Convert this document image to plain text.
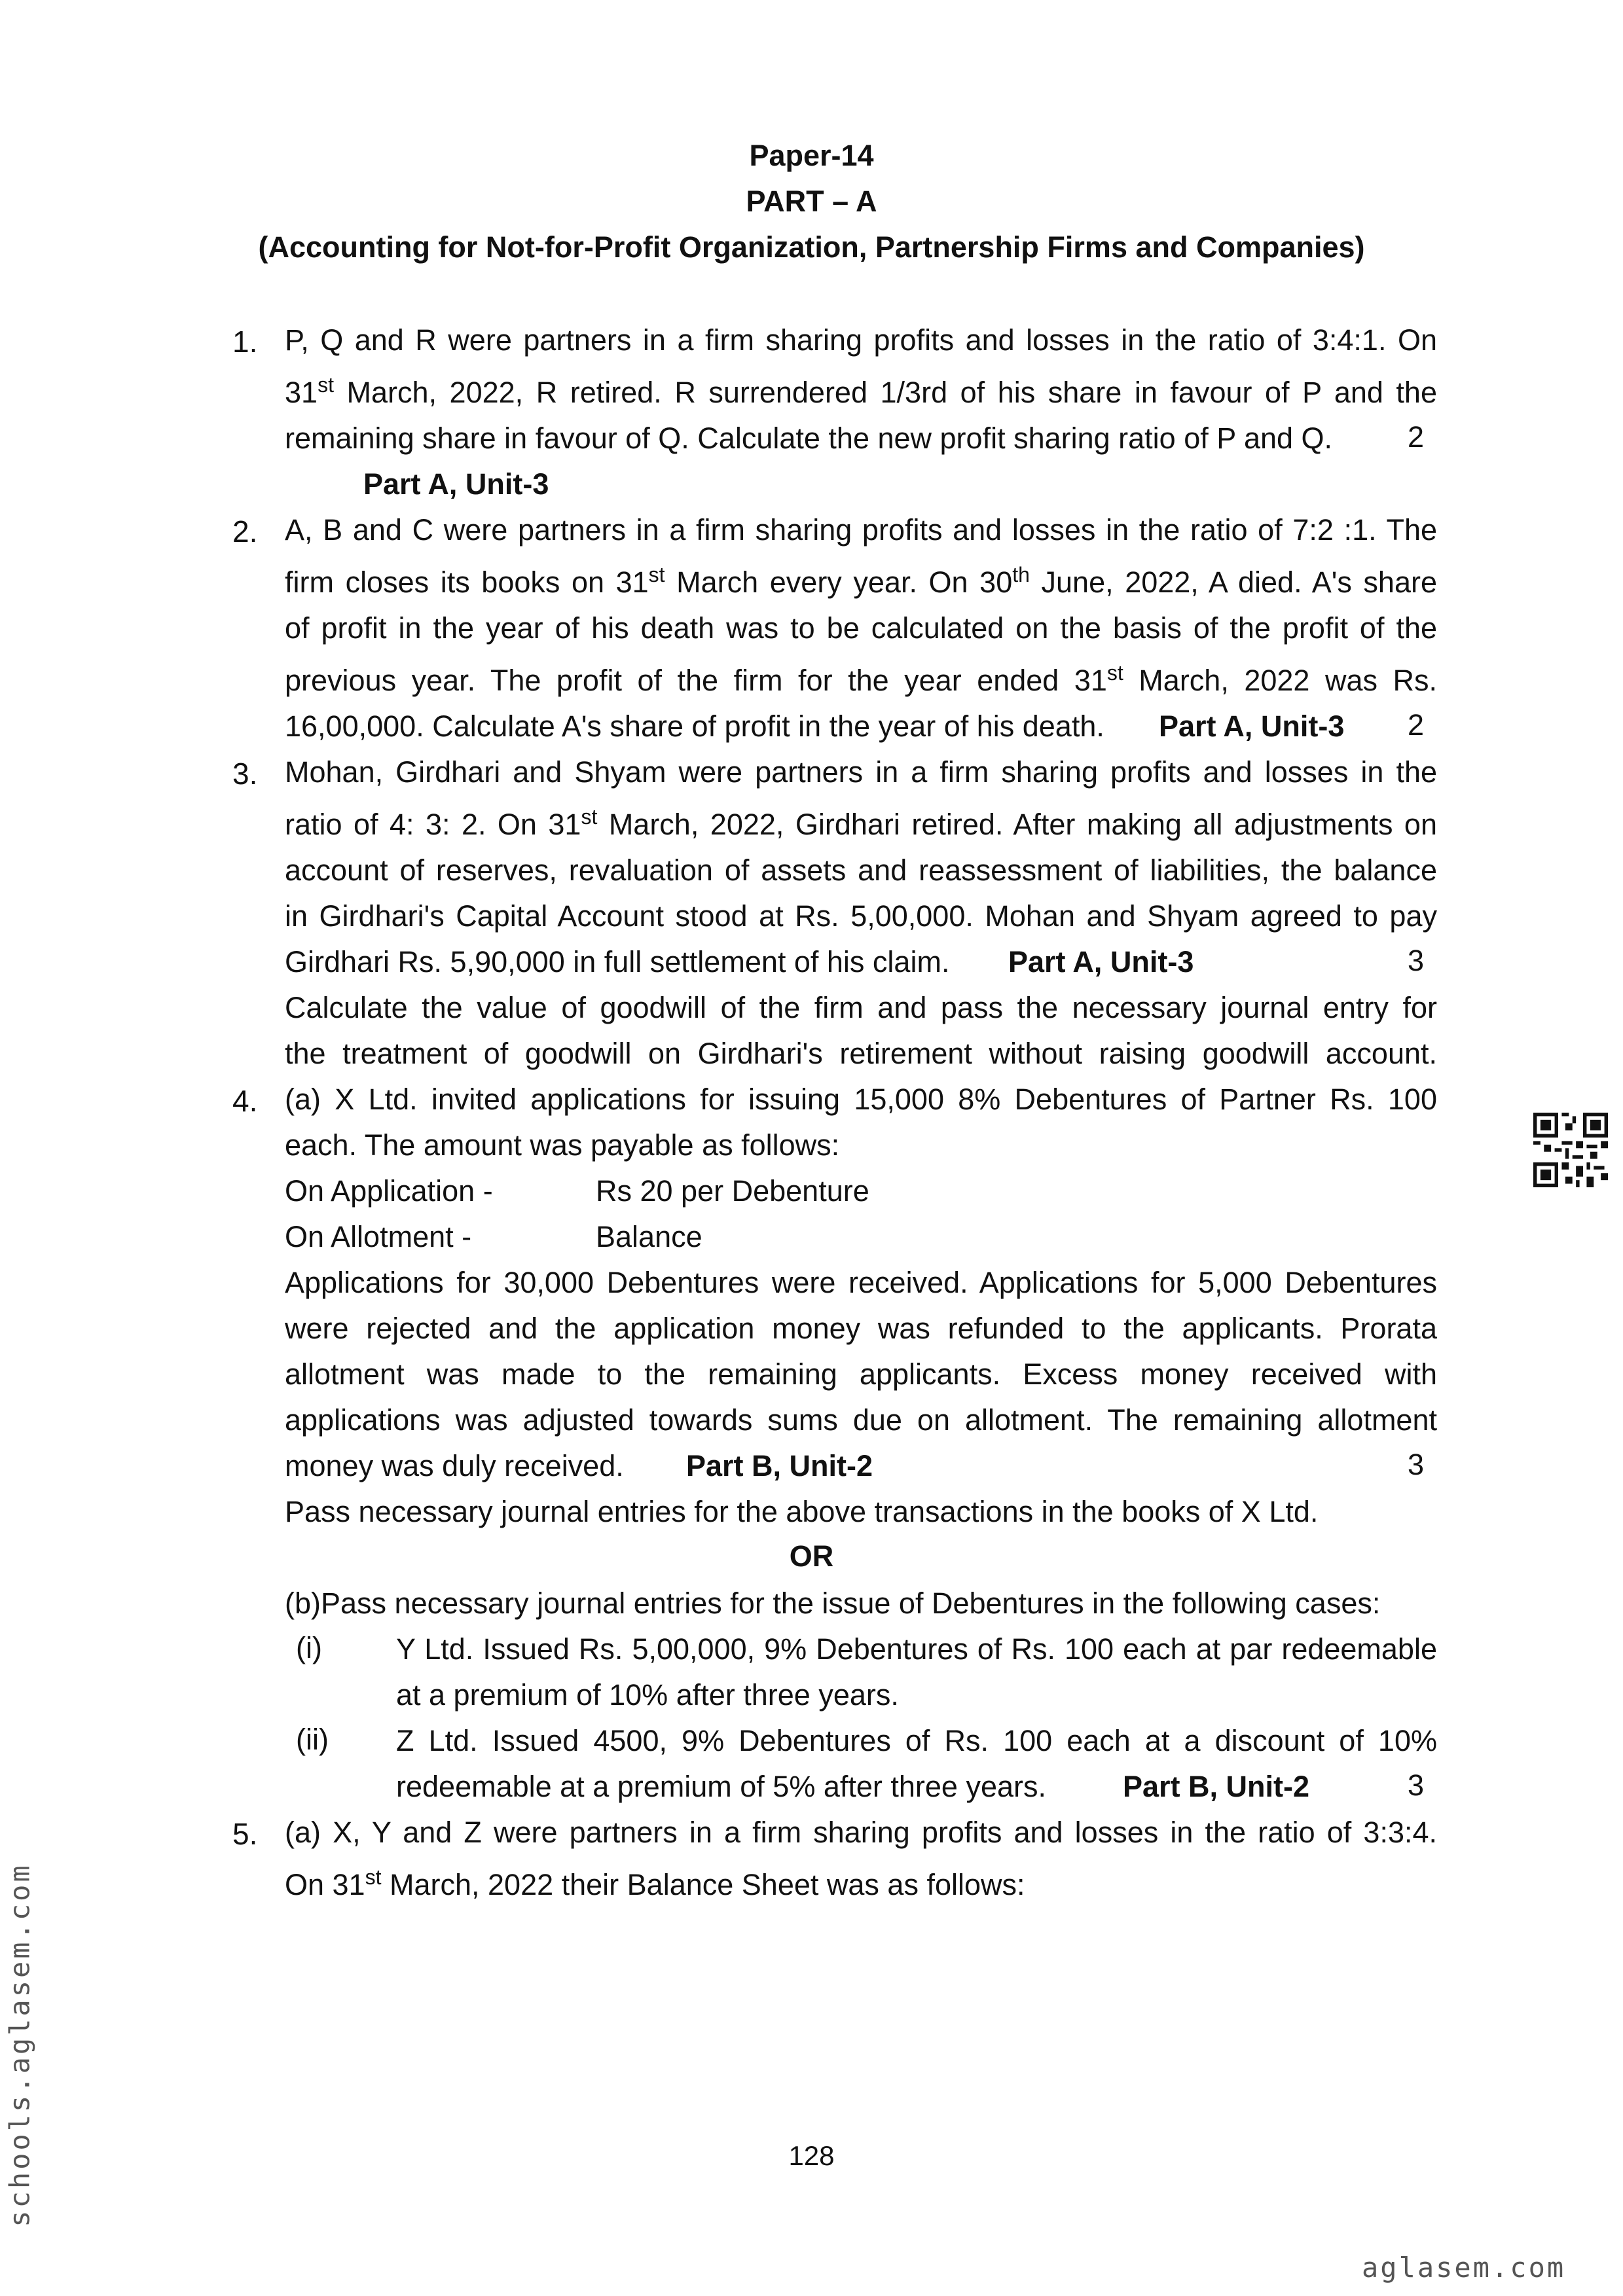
Paper-14
PART – A
(Accounting for Not-for-Profit Organization, Partnership Firms and Companies)
1. P, Q and R were partners in a firm sharing profits and losses in the ratio of 3:4:1. On
31st March, 2022, R retired. R surrendered 1/3rd of his share in favour of P and the
remaining share in favour of Q. Calculate the new profit sharing ratio of P and Q.	2
Part A, Unit-3
2. A, B and C were partners in a firm sharing profits and losses in the ratio of 7:2 :1. The
firm closes its books on 31st March every year. On 30th June, 2022, A died. A's share
of profit in the year of his death was to be calculated on the basis of the profit of the
previous year. The profit of the firm for the year ended 31st March, 2022 was Rs.
16,00,000. Calculate A's share of profit in the year of his death. Part A, Unit-3 2
3. Mohan, Girdhari and Shyam were partners in a firm sharing profits and losses in the
ratio of 4: 3: 2. On 31st March, 2022, Girdhari retired. After making all adjustments on
account of reserves, revaluation of assets and reassessment of liabilities, the balance
in Girdhari's Capital Account stood at Rs. 5,00,000. Mohan and Shyam agreed to pay
Girdhari Rs. 5,90,000 in full settlement of his claim. Part A, Unit-3	3
Calculate the value of goodwill of the firm and pass the necessary journal entry for
the treatment of goodwill on Girdhari's retirement without raising goodwill account.
4. (a) X Ltd. invited applications for issuing 15,000 8% Debentures of Partner Rs. 100
each. The amount was payable as follows:
On Application -	Rs 20 per Debenture
On Allotment -	Balance
Applications for 30,000 Debentures were received. Applications for 5,000 Debentures
were rejected and the application money was refunded to the applicants. Prorata
allotment was made to the remaining applicants. Excess money received with
applications was adjusted towards sums due on allotment. The remaining allotment
money was duly received. Part B, Unit-2	3
Pass necessary journal entries for the above transactions in the books of X Ltd.
OR
(b)Pass necessary journal entries for the issue of Debentures in the following cases:
(i)	Y Ltd. Issued Rs. 5,00,000, 9% Debentures of Rs. 100 each at par redeemable
at a premium of 10% after three years.
(ii) Z Ltd. Issued 4500, 9% Debentures of Rs. 100 each at a discount of 10%
redeemable at a premium of 5% after three years.	Part B, Unit-2	3
5. (a) X, Y and Z were partners in a firm sharing profits and losses in the ratio of 3:3:4.
On 31st March, 2022 their Balance Sheet was as follows:
128
aglasem.com
schools.aglasem.com
